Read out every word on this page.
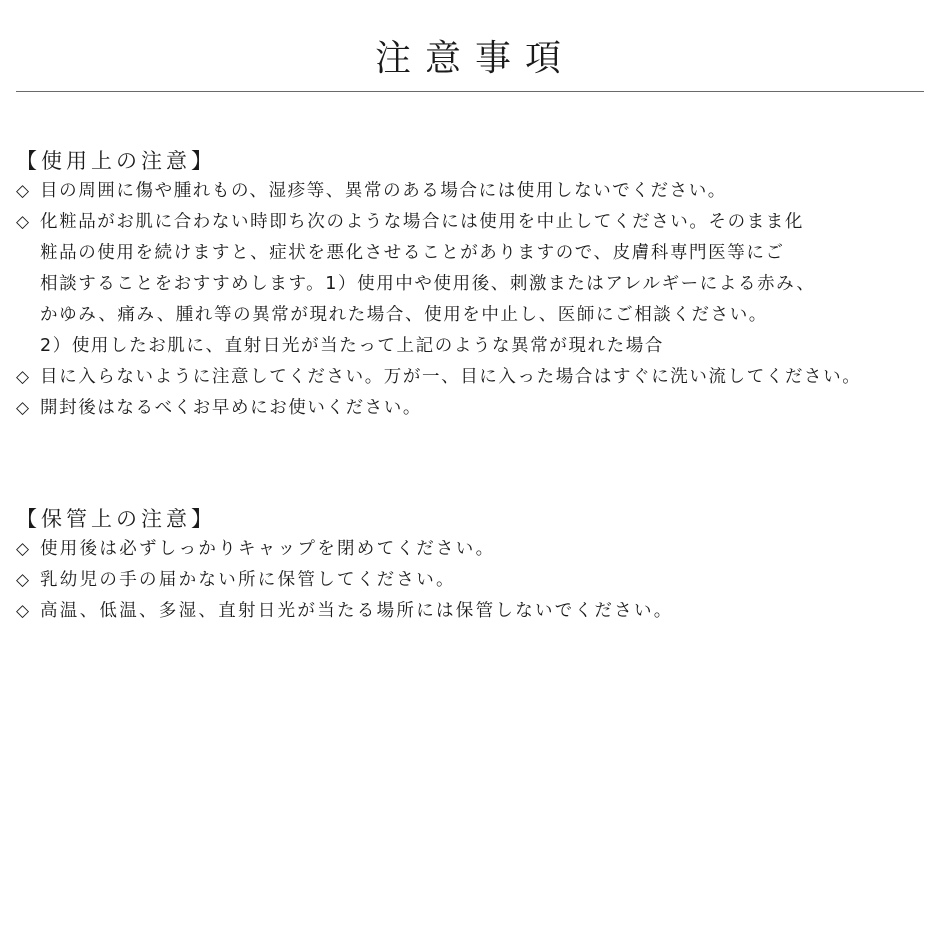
注意事項
【使用上の注意】
◇ 目の周囲に傷や腫れもの、湿疹等、異常のある場合には使用しないでください。
◇ 化粧品がお肌に合わない時即ち次のような場合には使用を中止してください。そのまま化
粧品の使用を続けますと、症状を悪化させることがありますので、皮膚科専門医等にご
相談することをおすすめします。1）使用中や使用後、刺激またはアレルギーによる赤み、
かゆみ、痛み、腫れ等の異常が現れた場合、使用を中止し、医師にご相談ください。
2）使用したお肌に、直射日光が当たって上記のような異常が現れた場合
◇ 目に入らないように注意してください。万が一、目に入った場合はすぐに洗い流してください。
◇ 開封後はなるべくお早めにお使いください。
【保管上の注意】
◇ 使用後は必ずしっかりキャップを閉めてください。
◇ 乳幼児の手の届かない所に保管してください。
◇ 高温、低温、多湿、直射日光が当たる場所には保管しないでください。
